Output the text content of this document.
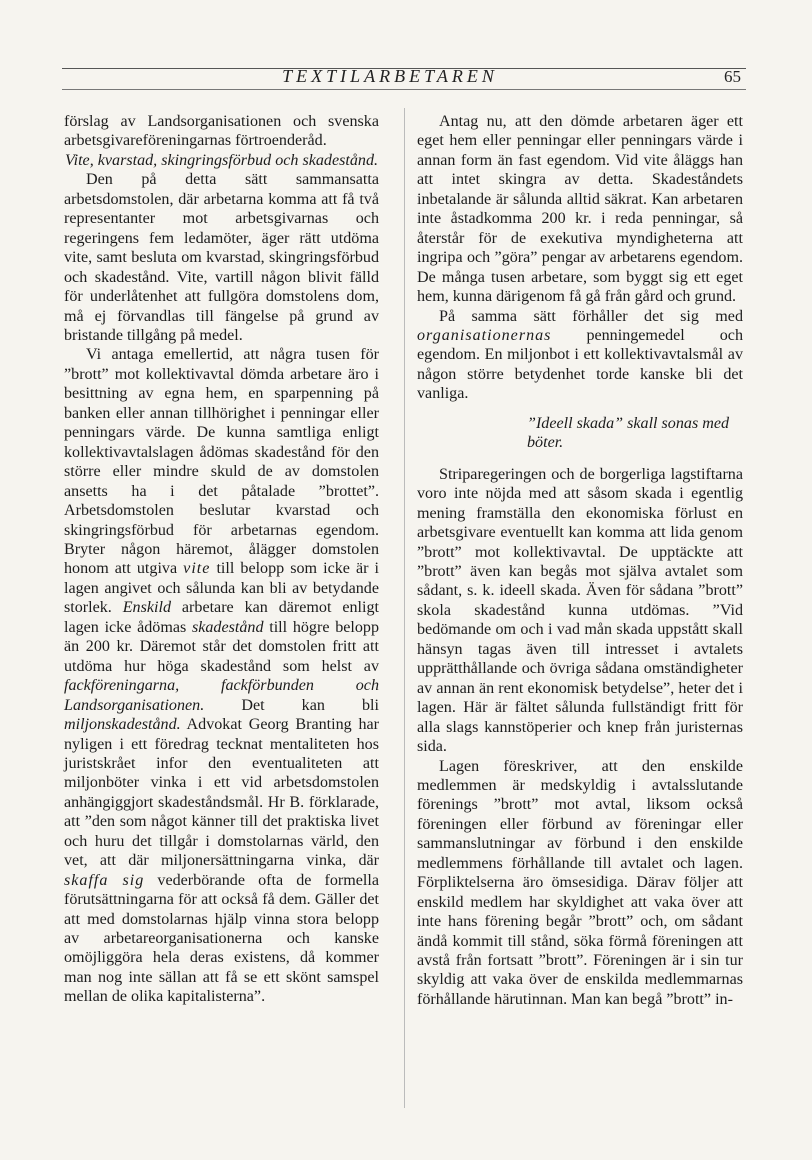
TEXTILARBETAREN	65

förslag av Landsorganisationen och svenska arbetsgivareföreningarnas förtroenderåd.

Vite, kvarstad, skingringsförbud och skadestånd.

Den på detta sätt sammansatta arbetsdomstolen, där arbetarna komma att få två representanter mot arbetsgivarnas och regeringens fem ledamöter, äger rätt utdöma vite, samt besluta om kvarstad, skingringsförbud och skadestånd. Vite, vartill någon blivit fälld för underlåtenhet att fullgöra domstolens dom, må ej förvandlas till fängelse på grund av bristande tillgång på medel.

Vi antaga emellertid, att några tusen för ”brott” mot kollektivavtal dömda arbetare äro i besittning av egna hem, en sparpenning på banken eller annan tillhörighet i penningar eller penningars värde. De kunna samtliga enligt kollektivavtalslagen ådömas skadestånd för den större eller mindre skuld de av domstolen ansetts ha i det påtalade ”brottet”. Arbetsdomstolen beslutar kvarstad och skingringsförbud för arbetarnas egendom. Bryter någon häremot, ålägger domstolen honom att utgiva vite till belopp som icke är i lagen angivet och sålunda kan bli av betydande storlek. Enskild arbetare kan däremot enligt lagen icke ådömas skadestånd till högre belopp än 200 kr. Däremot står det domstolen fritt att utdöma hur höga skadestånd som helst av fackföreningarna, fackförbunden och Landsorganisationen. Det kan bli miljonskadestånd. Advokat Georg Branting har nyligen i ett föredrag tecknat mentaliteten hos juristskrået infor den eventualiteten att miljonböter vinka i ett vid arbetsdomstolen anhängiggjort skadeståndsmål. Hr B. förklarade, att ”den som något känner till det praktiska livet och huru det tillgår i domstolarnas värld, den vet, att där miljonersättningarna vinka, där skaffa sig vederbörande ofta de formella förutsättningarna för att också få dem. Gäller det att med domstolarnas hjälp vinna stora belopp av arbetareorganisationerna och kanske omöjliggöra hela deras existens, då kommer man nog inte sällan att få se ett skönt samspel mellan de olika kapitalisterna”.

Antag nu, att den dömde arbetaren äger ett eget hem eller penningar eller penningars värde i annan form än fast egendom. Vid vite åläggs han att intet skingra av detta. Skadeståndets inbetalande är sålunda alltid säkrat. Kan arbetaren inte åstadkomma 200 kr. i reda penningar, så återstår för de exekutiva myndigheterna att ingripa och ”göra” pengar av arbetarens egendom. De många tusen arbetare, som byggt sig ett eget hem, kunna därigenom få gå från gård och grund.

På samma sätt förhåller det sig med organisationernas penningemedel och egendom. En miljonbot i ett kollektivavtalsmål av någon större betydenhet torde kanske bli det vanliga.

”Ideell skada” skall sonas med böter.

Striparegeringen och de borgerliga lagstiftarna voro inte nöjda med att såsom skada i egentlig mening framställa den ekonomiska förlust en arbetsgivare eventuellt kan komma att lida genom ”brott” mot kollektivavtal. De upptäckte att ”brott” även kan begås mot själva avtalet som sådant, s. k. ideell skada. Även för sådana ”brott” skola skadestånd kunna utdömas. ”Vid bedömande om och i vad mån skada uppstått skall hänsyn tagas även till intresset i avtalets upprätthållande och övriga sådana omständigheter av annan än rent ekonomisk betydelse”, heter det i lagen. Här är fältet sålunda fullständigt fritt för alla slags kannstöperier och knep från juristernas sida.

Lagen föreskriver, att den enskilde medlemmen är medskyldig i avtalsslutande förenings ”brott” mot avtal, liksom också föreningen eller förbund av föreningar eller sammanslutningar av förbund i den enskilde medlemmens förhållande till avtalet och lagen. Förpliktelserna äro ömsesidiga. Därav följer att enskild medlem har skyldighet att vaka över att inte hans förening begår ”brott” och, om sådant ändå kommit till stånd, söka förmå föreningen att avstå från fortsatt ”brott”. Föreningen är i sin tur skyldig att vaka över de enskilda medlemmarnas förhållande härutinnan. Man kan begå ”brott” in-
